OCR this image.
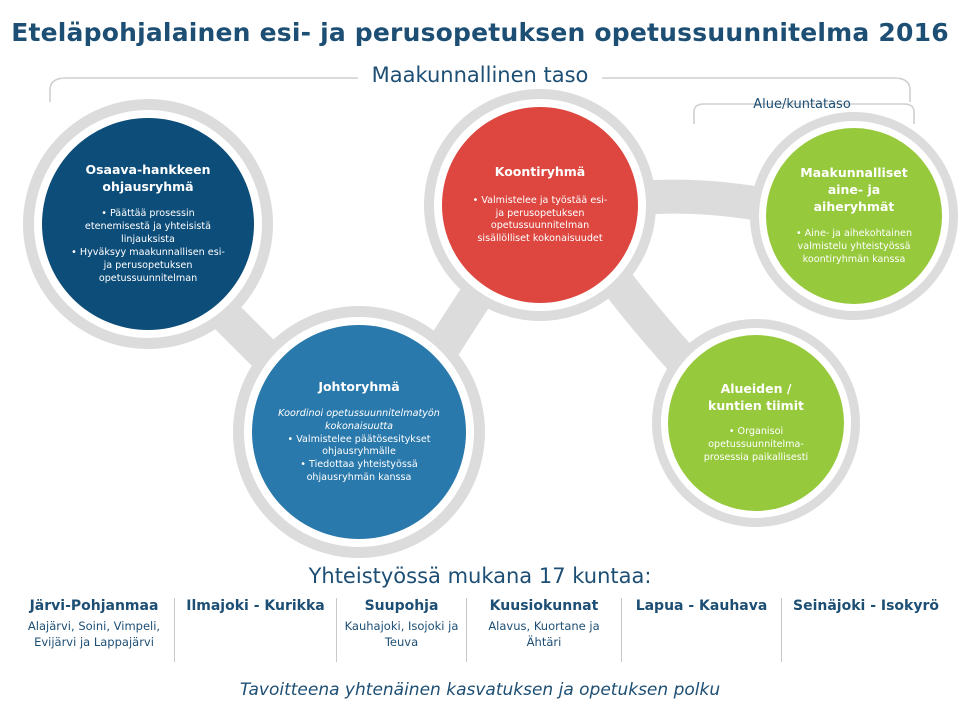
Eteläpohjalainen esi- ja perusopetuksen opetussuunnitelma 2016
Maakunnallinen taso
Alue/kuntataso
Osaava-hankkeen ohjausryhmä
• Päättää prosessin etenemisestä ja yhteisistä linjauksista
• Hyväksyy maakunnallisen esi- ja perusopetuksen opetussuunnitelman
Johtoryhmä
Koordinoi opetussuunnitelmatyön kokonaisuutta
• Valmistelee päätösesitykset ohjausryhmälle
• Tiedottaa yhteistyössä ohjausryhmän kanssa
Koontiryhmä
• Valmistelee ja työstää esi- ja perusopetuksen opetussuunnitelman sisällölliset kokonaisuudet
Maakunnalliset aine- ja aiheryhmät
• Aine- ja aihekohtainen valmistelu yhteistyössä koontiryhmän kanssa
Alueiden / kuntien tiimit
• Organisoi opetussuunnitelma-prosessia paikallisesti
Yhteistyössä mukana 17 kuntaa:
Järvi-Pohjanmaa
Alajärvi, Soini, Vimpeli, Evijärvi ja Lappajärvi
Ilmajoki - Kurikka	Suupohja
Kauhajoki, Isojoki ja Teuva
Kuusiokunnat
Alavus, Kuortane ja Ähtäri
Lapua - Kauhava	Seinäjoki - Isokyrö
Tavoitteena yhtenäinen kasvatuksen ja opetuksen polku
